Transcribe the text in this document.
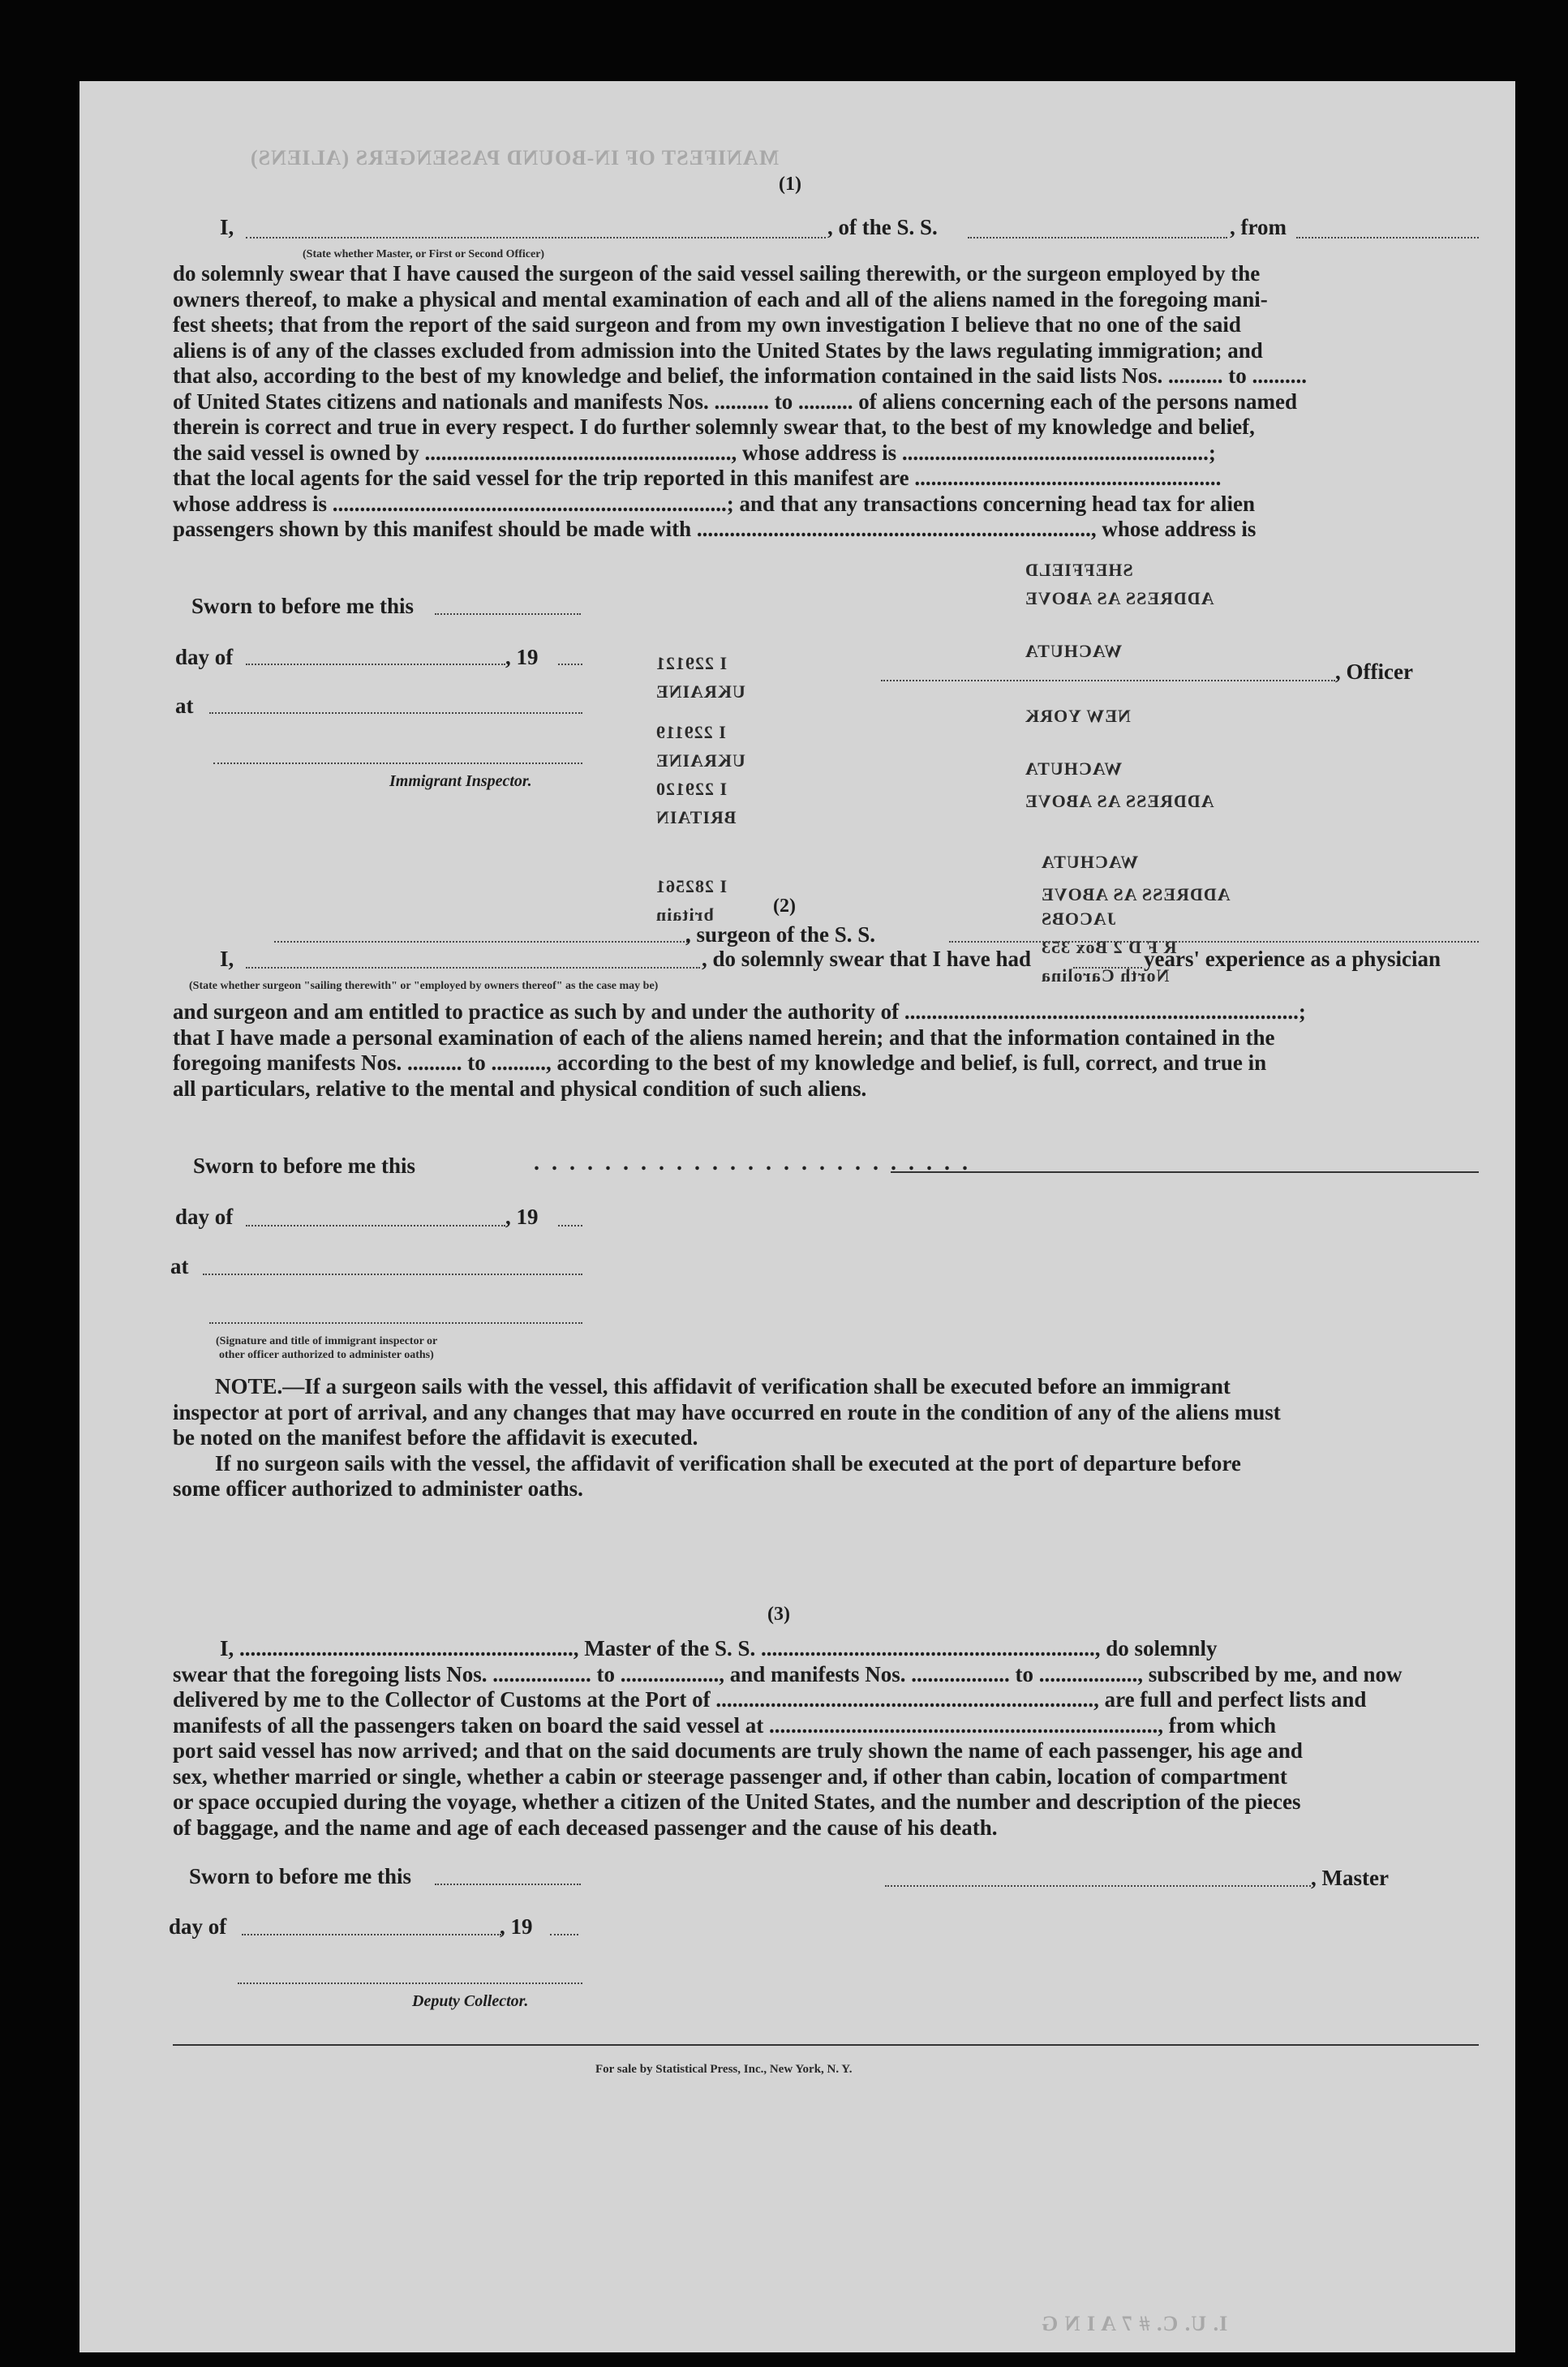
MANIFEST OF IN-BOUND PASSENGERS (ALIENS)
I 229121
UKRAINE
I 229119
UKRAINE
I 229120
BRITAIN
I 282561
britain
SHEFFIELD
ADDRESS AS ABOVE
WACHUTA
NEW YORK
WACHUTA
ADDRESS AS ABOVE
WACHUTA
ADDRESS AS ABOVE
JACOBS
R F D 2 Box 353
North Carolina
I. U. C. # 7 A I N G
(1)
I,
(State whether Master, or First or Second Officer)
, of the S. S.	, from
do solemnly swear that I have caused the surgeon of the said vessel sailing therewith, or the surgeon employed by the
owners thereof, to make a physical and mental examination of each and all of the aliens named in the foregoing mani-
fest sheets; that from the report of the said surgeon and from my own investigation I believe that no one of the said
aliens is of any of the classes excluded from admission into the United States by the laws regulating immigration; and
that also, according to the best of my knowledge and belief, the information contained in the said lists Nos. .......... to ..........
of United States citizens and nationals and manifests Nos. .......... to .......... of aliens concerning each of the persons named
therein is correct and true in every respect. I do further solemnly swear that, to the best of my knowledge and belief,
the said vessel is owned by ........................................................, whose address is ........................................................;
that the local agents for the said vessel for the trip reported in this manifest are ........................................................
whose address is ........................................................................; and that any transactions concerning head tax for alien
passengers shown by this manifest should be made with ........................................................................, whose address is
Sworn to before me this
day of	, 19
at
Immigrant Inspector.
, Officer
(2)
, surgeon of the S. S.
I,	, do solemnly swear that I have had	years' experience as a physician
(State whether surgeon "sailing therewith" or "employed by owners thereof" as the case may be)
and surgeon and am entitled to practice as such by and under the authority of ........................................................................;
that I have made a personal examination of each of the aliens named herein; and that the information contained in the
foregoing manifests Nos. .......... to .........., according to the best of my knowledge and belief, is full, correct, and true in
all particulars, relative to the mental and physical condition of such aliens.
Sworn to before me this	. . . . . . . . . . . . . . . . . . . . . . . . .
day of	, 19
at
(Signature and title of immigrant inspector or
other officer authorized to administer oaths)
NOTE.—If a surgeon sails with the vessel, this affidavit of verification shall be executed before an immigrant
inspector at port of arrival, and any changes that may have occurred en route in the condition of any of the aliens must
be noted on the manifest before the affidavit is executed.
If no surgeon sails with the vessel, the affidavit of verification shall be executed at the port of departure before
some officer authorized to administer oaths.
(3)
I, ............................................................., Master of the S. S. ............................................................., do solemnly
swear that the foregoing lists Nos. .................. to .................., and manifests Nos. .................. to .................., subscribed by me, and now
delivered by me to the Collector of Customs at the Port of ....................................................................., are full and perfect lists and
manifests of all the passengers taken on board the said vessel at ......................................................................., from which
port said vessel has now arrived; and that on the said documents are truly shown the name of each passenger, his age and
sex, whether married or single, whether a cabin or steerage passenger and, if other than cabin, location of compartment
or space occupied during the voyage, whether a citizen of the United States, and the number and description of the pieces
of baggage, and the name and age of each deceased passenger and the cause of his death.
Sworn to before me this	, Master
day of	, 19
Deputy Collector.
For sale by Statistical Press, Inc., New York, N. Y.
